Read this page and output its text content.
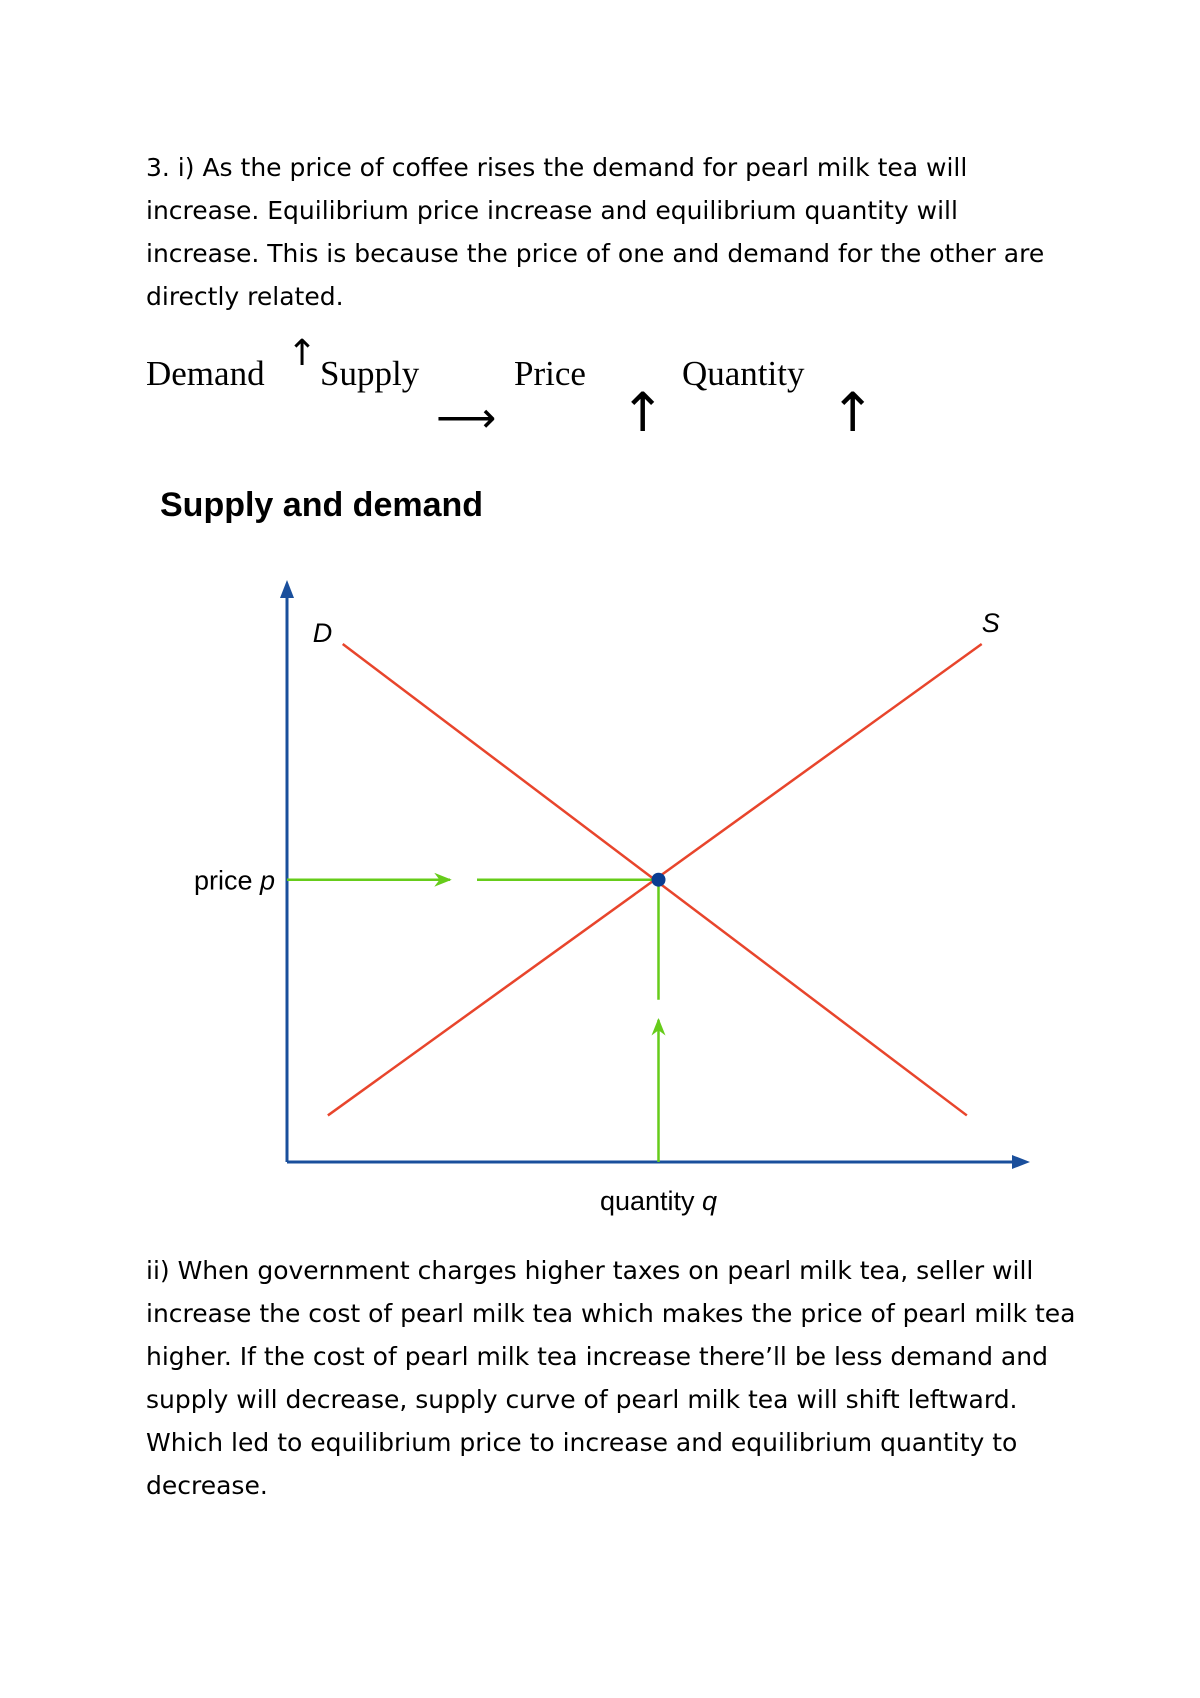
3. i) As the price of coffee rises the demand for pearl milk tea will increase. Equilibrium price increase and equilibrium quantity will increase. This is because the price of one and demand for the other are directly related.

Demand ↑ Supply
⟶
Price
↑
Quantity
↑
Supply and demand
D	S
price p
quantity q

ii) When government charges higher taxes on pearl milk tea, seller will increase the cost of pearl milk tea which makes the price of pearl milk tea higher. If the cost of pearl milk tea increase there’ll be less demand and supply will decrease, supply curve of pearl milk tea will shift leftward. Which led to equilibrium price to increase and equilibrium quantity to decrease.
